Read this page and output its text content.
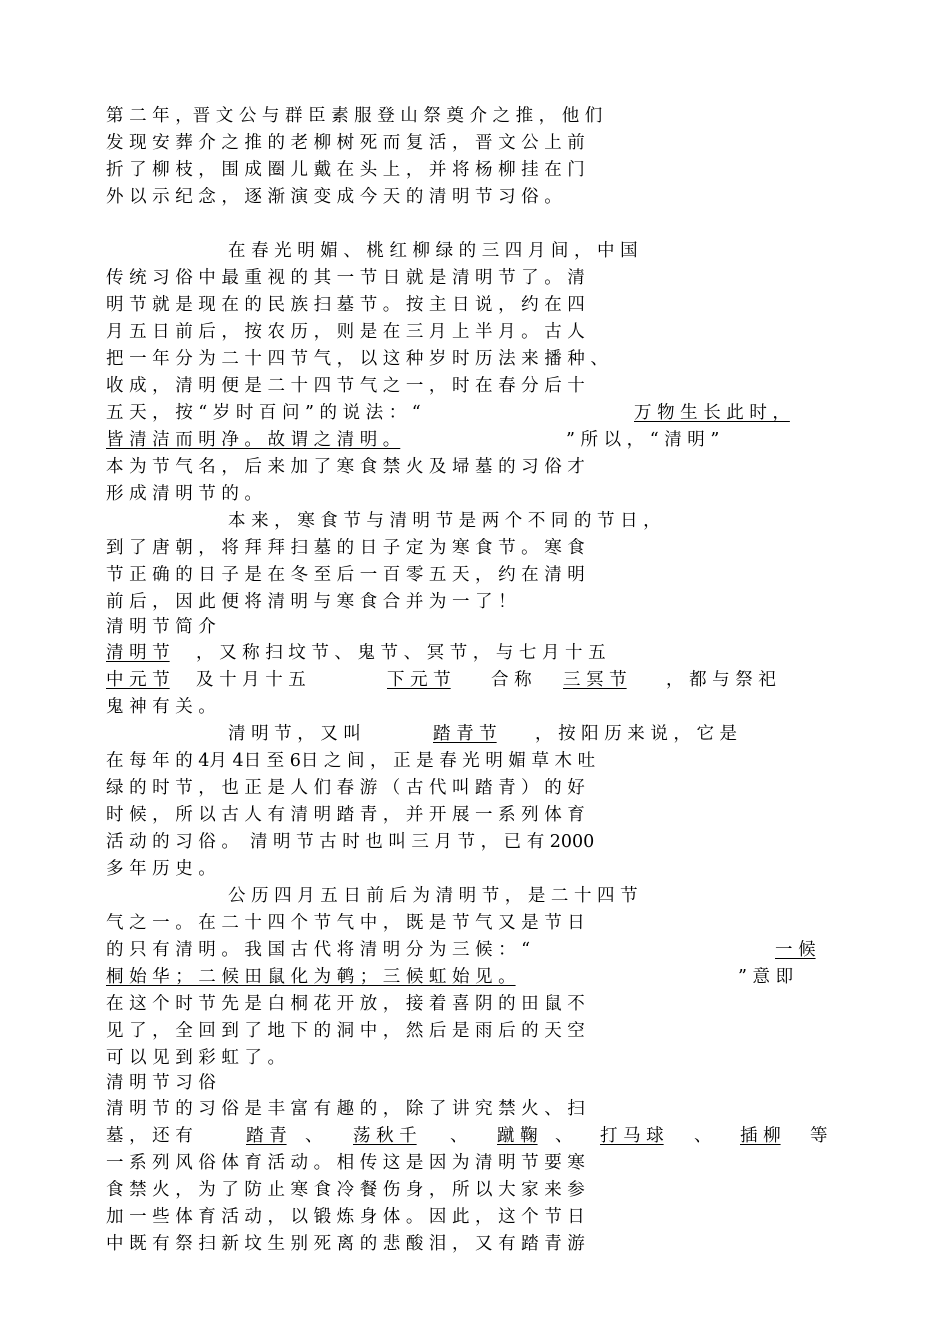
第 二 年 ，晋 文 公 与 群 臣 素 服 登 山 祭 奠 介 之 推 ， 他 们
发 现 安 葬 介 之 推 的 老 柳 树 死 而 复 活 ， 晋 文 公 上 前
折 了 柳 枝 ， 围 成 圈 儿 戴 在 头 上 ， 并 将 杨 柳 挂 在 门
外 以 示 纪 念 ， 逐 渐 演 变 成 今 天 的 清 明 节 习 俗 。
在 春 光 明 媚 、 桃 红 柳 绿 的 三 四 月 间 ， 中 国
传 统 习 俗 中 最 重 视 的 其 一 节 日 就 是 清 明 节 了 。 清
明 节 就 是 现 在 的 民 族 扫 墓 节 。 按 主 日 说 ， 约 在 四
月 五 日 前 后 ， 按 农 历 ， 则 是 在 三 月 上 半 月 。 古 人
把 一 年 分 为 二 十 四 节 气 ， 以 这 种 岁 时 历 法 来 播 种 、
收 成 ， 清 明 便 是 二 十 四 节 气 之 一 ， 时 在 春 分 后 十
五 天 ， 按 “ 岁 时 百 问 ” 的 说 法 ： “	万 物 生 长 此 时 ，
皆 清 洁 而 明 净 。 故 谓 之 清 明 。	” 所 以 ， “ 清 明 ”
本 为 节 气 名 ， 后 来 加 了 寒 食 禁 火 及 埽 墓 的 习 俗 才
形 成 清 明 节 的 。
本 来 ， 寒 食 节 与 清 明 节 是 两 个 不 同 的 节 日 ，
到 了 唐 朝 ， 将 拜 拜 扫 墓 的 日 子 定 为 寒 食 节 。 寒 食
节 正 确 的 日 子 是 在 冬 至 后 一 百 零 五 天 ， 约 在 清 明
前 后 ， 因 此 便 将 清 明 与 寒 食 合 并 为 一 了 ！
清 明 节 简 介
清 明 节 ， 又 称 扫 坟 节 、 鬼 节 、 冥 节 ， 与 七 月 十 五
中 元 节 及 十 月 十 五	下 元 节 合 称 三 冥 节 ， 都 与 祭 祀
鬼 神 有 关 。
清 明 节 ， 又 叫	踏 青 节 ， 按 阳 历 来 说 ， 它 是
在 每 年 的 4月 4日 至 6日 之 间 ， 正 是 春 光 明 媚 草 木 吐
绿 的 时 节 ， 也 正 是 人 们 春 游 （ 古 代 叫 踏 青 ） 的 好
时 候 ， 所 以 古 人 有 清 明 踏 青 ， 并 开 展 一 系 列 体 育
活 动 的 习 俗 。  清 明 节 古 时 也 叫 三 月 节 ， 已 有 2000
多 年 历 史 。
公 历 四 月 五 日 前 后 为 清 明 节 ， 是 二 十 四 节
气 之 一 。 在 二 十 四 个 节 气 中 ， 既 是 节 气 又 是 节 日
的 只 有 清 明 。 我 国 古 代 将 清 明 分 为 三 候 ： “	一 候
桐 始 华 ； 二 候 田 鼠 化 为 鹌 ； 三 候 虹 始 见 。	” 意 即
在 这 个 时 节 先 是 白 桐 花 开 放 ， 接 着 喜 阴 的 田 鼠 不
见 了 ， 全 回 到 了 地 下 的 洞 中 ， 然 后 是 雨 后 的 天 空
可 以 见 到 彩 虹 了 。
清 明 节 习 俗
清 明 节 的 习 俗 是 丰 富 有 趣 的 ， 除 了 讲 究 禁 火 、 扫
墓 ， 还 有	踏 青 、 荡 秋 千 、 蹴 鞠 、 打 马 球 、 插 柳 等
一 系 列 风 俗 体 育 活 动 。 相 传 这 是 因 为 清 明 节 要 寒
食 禁 火 ， 为 了 防 止 寒 食 冷 餐 伤 身 ， 所 以 大 家 来 参
加 一 些 体 育 活 动 ， 以 锻 炼 身 体 。 因 此 ， 这 个 节 日
中 既 有 祭 扫 新 坟 生 别 死 离 的 悲 酸 泪 ， 又 有 踏 青 游
